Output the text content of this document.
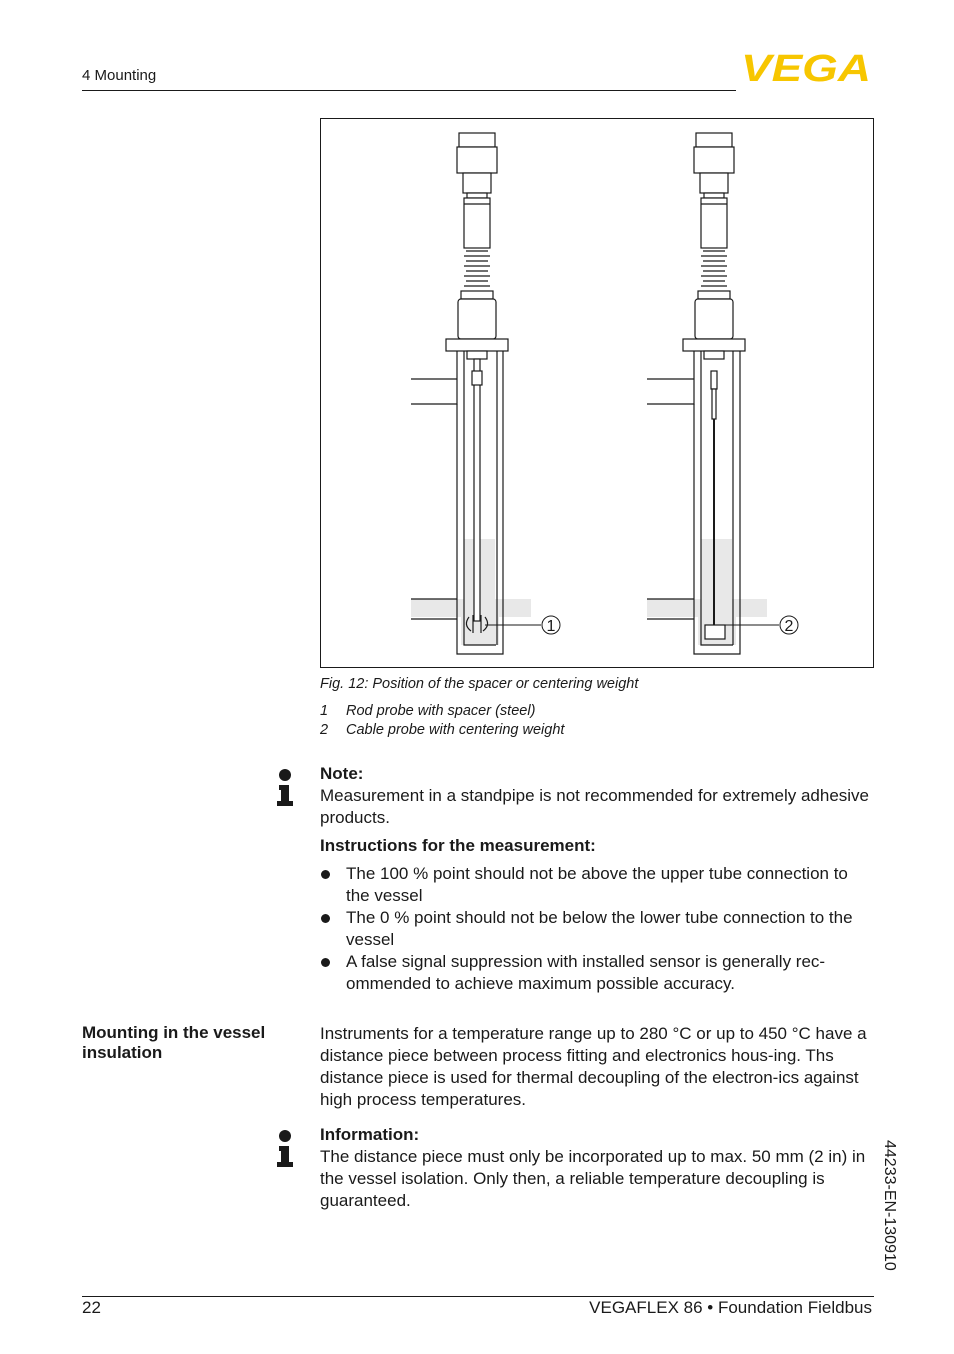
4 Mounting	VEGA
1	2
Fig. 12: Position of the spacer or centering weight
1 Rod probe with spacer (steel)
2 Cable probe with centering weight
Note:
Measurement in a standpipe is not recommended for extremely adhesive products.
Instructions for the measurement:
The 100 % point should not be above the upper tube connection to the vessel
The 0 % point should not be below the lower tube connection to the vessel
A false signal suppression with installed sensor is generally rec-ommended to achieve maximum possible accuracy.
Mounting in the vessel insulation
Instruments for a temperature range up to 280 °C or up to 450 °C have a distance piece between process fitting and electronics hous-ing. Ths distance piece is used for thermal decoupling of the electron-ics against high process temperatures.
Information:
The distance piece must only be incorporated up to max. 50 mm (2 in) in the vessel isolation. Only then, a reliable temperature decoupling is guaranteed.	44233-EN-130910
22	VEGAFLEX 86 • Foundation Fieldbus
